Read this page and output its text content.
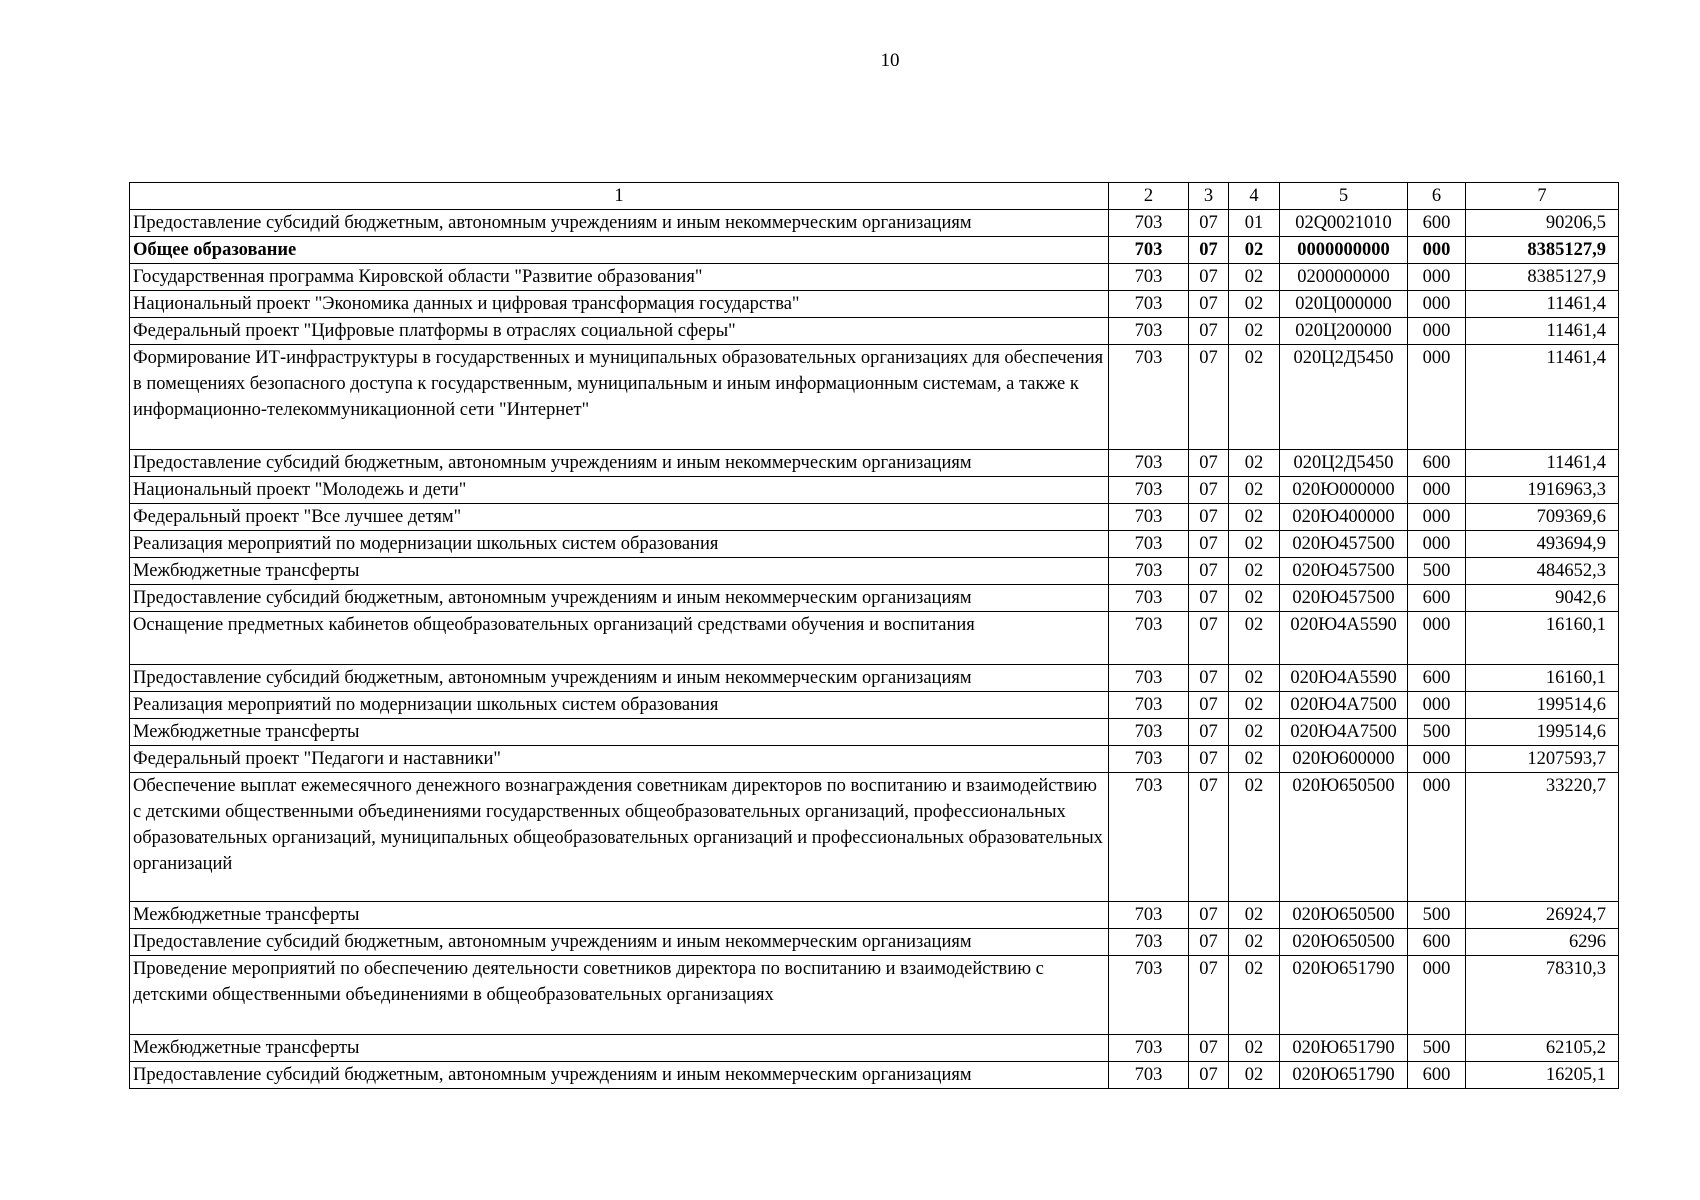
10
1	2	3	4	5	6	7
Предоставление субсидий бюджетным, автономным учреждениям и иным некоммерческим организациям	703	07	01	02Q0021010	600	90206,5
Общее образование	703	07	02	0000000000	000	8385127,9
Государственная программа Кировской области "Развитие образования"	703	07	02	0200000000	000	8385127,9
Национальный проект "Экономика данных и цифровая трансформация государства"	703	07	02	020Ц000000	000	11461,4
Федеральный проект "Цифровые платформы в отраслях социальной сферы"	703	07	02	020Ц200000	000	11461,4
Формирование ИТ-инфраструктуры в государственных и муниципальных образовательных организациях для обеспечения в помещениях безопасного доступа к государственным, муниципальным и иным информационным системам, а также к информационно-телекоммуникационной сети "Интернет"	703	07	02	020Ц2Д5450	000	11461,4
Предоставление субсидий бюджетным, автономным учреждениям и иным некоммерческим организациям	703	07	02	020Ц2Д5450	600	11461,4
Национальный проект "Молодежь и дети"	703	07	02	020Ю000000	000	1916963,3
Федеральный проект "Все лучшее детям"	703	07	02	020Ю400000	000	709369,6
Реализация мероприятий по модернизации школьных систем образования	703	07	02	020Ю457500	000	493694,9
Межбюджетные трансферты	703	07	02	020Ю457500	500	484652,3
Предоставление субсидий бюджетным, автономным учреждениям и иным некоммерческим организациям	703	07	02	020Ю457500	600	9042,6
Оснащение предметных кабинетов общеобразовательных организаций средствами обучения и воспитания	703	07	02	020Ю4А5590	000	16160,1
Предоставление субсидий бюджетным, автономным учреждениям и иным некоммерческим организациям	703	07	02	020Ю4А5590	600	16160,1
Реализация мероприятий по модернизации школьных систем образования	703	07	02	020Ю4А7500	000	199514,6
Межбюджетные трансферты	703	07	02	020Ю4А7500	500	199514,6
Федеральный проект "Педагоги и наставники"	703	07	02	020Ю600000	000	1207593,7
Обеспечение выплат ежемесячного денежного вознаграждения советникам директоров по воспитанию и взаимодействию с детскими общественными объединениями государственных общеобразовательных организаций, профессиональных образовательных организаций, муниципальных общеобразовательных организаций и профессиональных образовательных организаций	703	07	02	020Ю650500	000	33220,7
Межбюджетные трансферты	703	07	02	020Ю650500	500	26924,7
Предоставление субсидий бюджетным, автономным учреждениям и иным некоммерческим организациям	703	07	02	020Ю650500	600	6296
Проведение мероприятий по обеспечению деятельности советников директора по воспитанию и взаимодействию с детскими общественными объединениями в общеобразовательных организациях	703	07	02	020Ю651790	000	78310,3
Межбюджетные трансферты	703	07	02	020Ю651790	500	62105,2
Предоставление субсидий бюджетным, автономным учреждениям и иным некоммерческим организациям	703	07	02	020Ю651790	600	16205,1
